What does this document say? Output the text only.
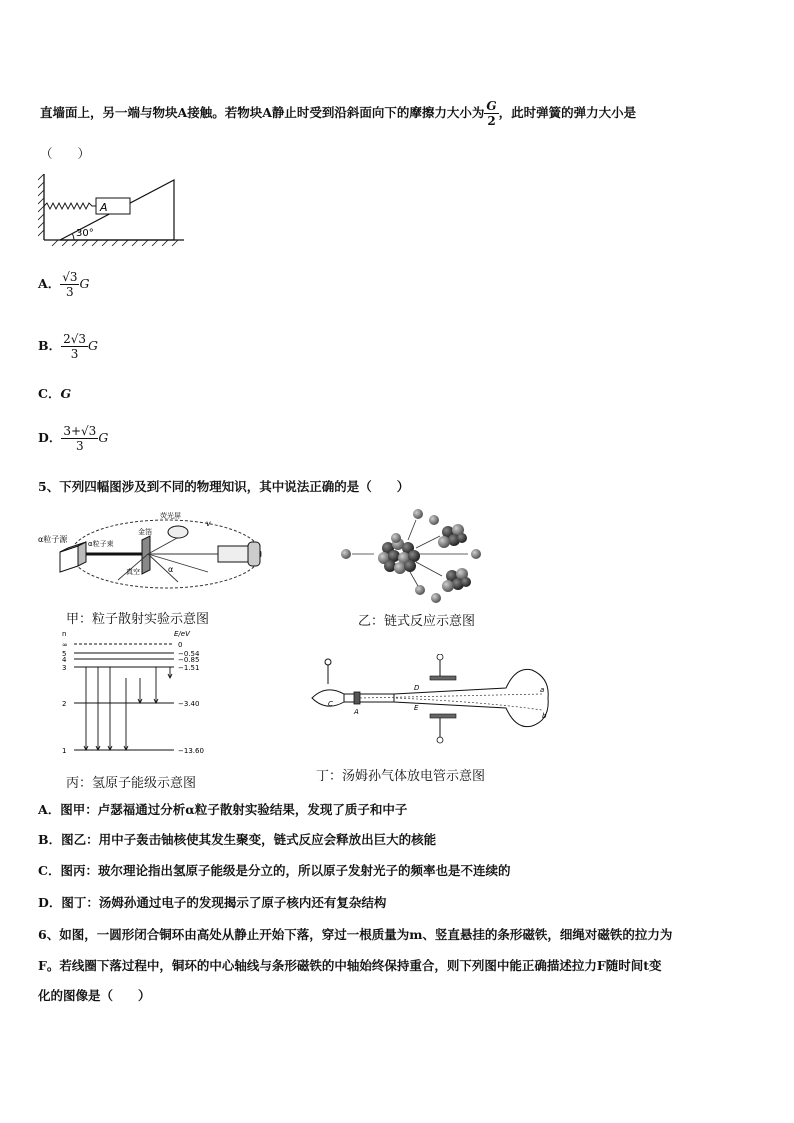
直墙面上，另一端与物块A接触。若物块A静止时受到沿斜面向下的摩擦力大小为 $\frac{G}{2}$ ，此时弹簧的弹力大小是
（　　）
A
30°
A． $\frac{√3}{3}$ G
B． $\frac{2√3}{3}$ G
C．G
D． $\frac{3+√3}{3}$ G
5、下列四幅图涉及到不同的物理知识，其中说法正确的是（　　）
α粒子源	α粒子束
金箔
荧光屏
真空	α
v
甲：粒子散射实验示意图	乙：链式反应示意图
n	E/eV
∞	0
5	−0.54
4	−0.85
3	−1.51
2	−3.40
1	−13.60
丙：氢原子能级示意图
C
A
D
E
a
b
丁：汤姆孙气体放电管示意图
A．图甲：卢瑟福通过分析α粒子散射实验结果，发现了质子和中子
B．图乙：用中子轰击铀核使其发生聚变，链式反应会释放出巨大的核能
C．图丙：玻尔理论指出氢原子能级是分立的，所以原子发射光子的频率也是不连续的
D．图丁：汤姆孙通过电子的发现揭示了原子核内还有复杂结构
6、如图，一圆形闭合铜环由高处从静止开始下落，穿过一根质量为m、竖直悬挂的条形磁铁，细绳对磁铁的拉力为
F。若线圈下落过程中，铜环的中心轴线与条形磁铁的中轴始终保持重合，则下列图中能正确描述拉力F随时间t变
化的图像是（　　）
